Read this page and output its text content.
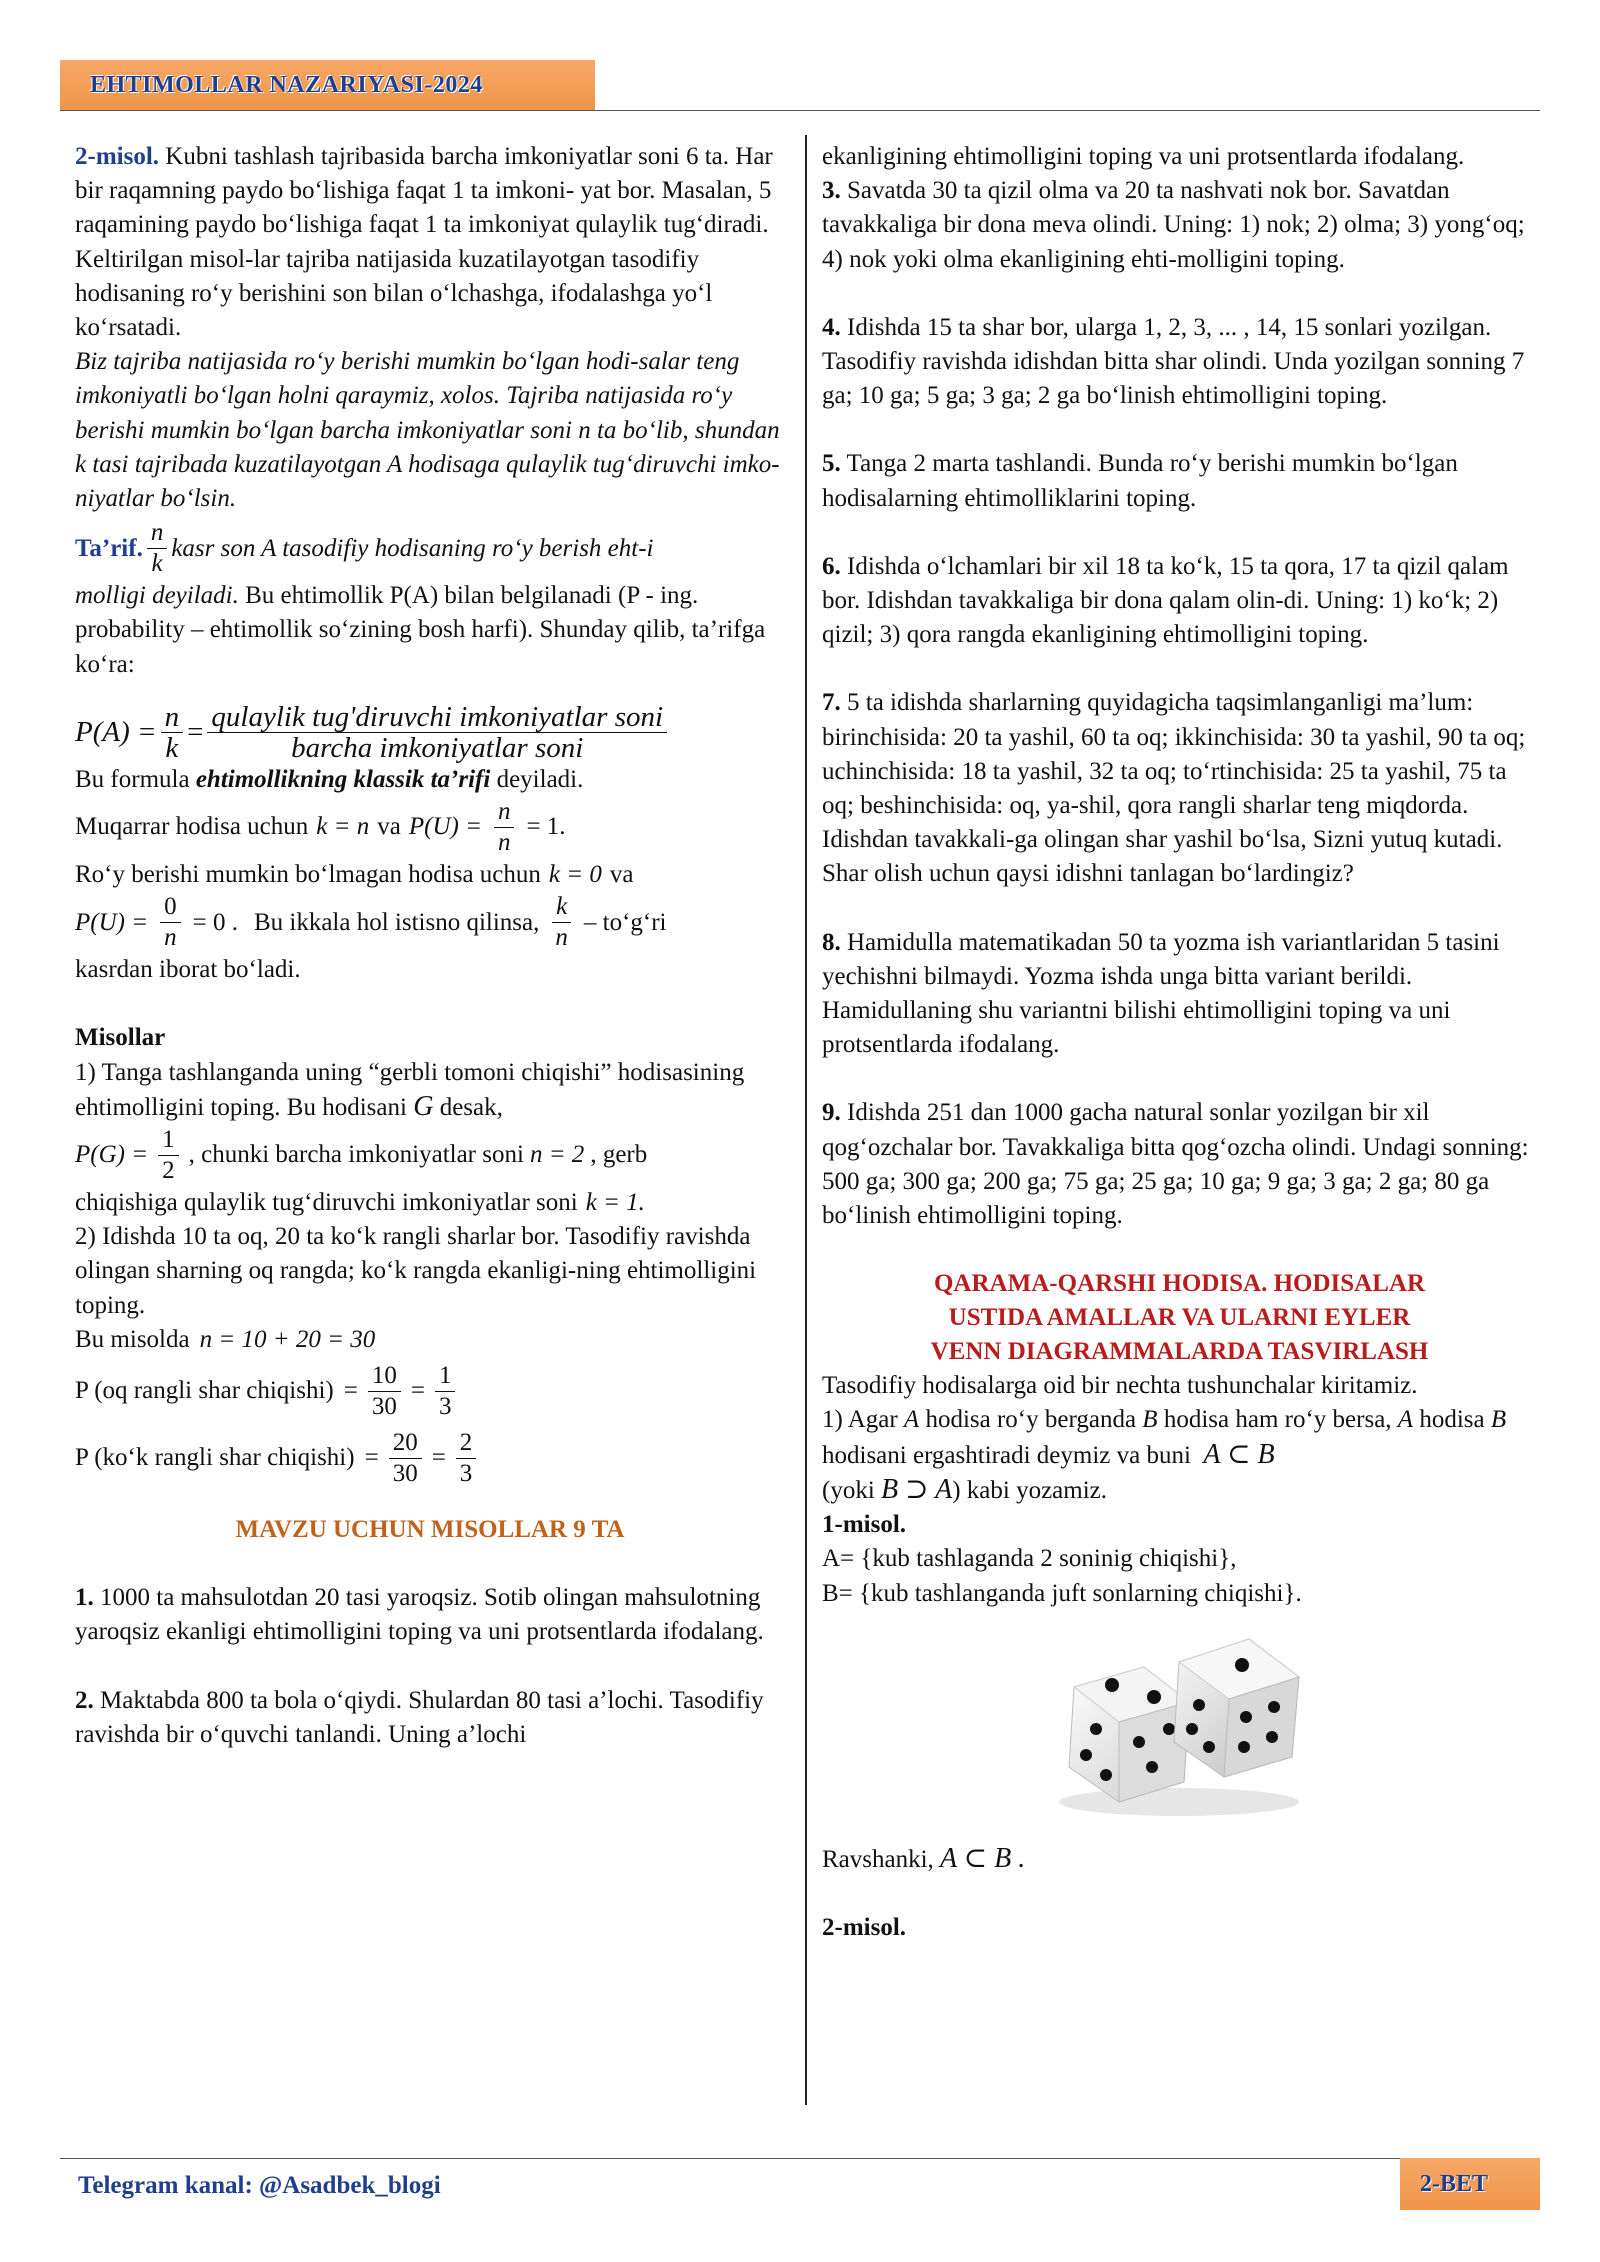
EHTIMOLLAR NAZARIYASI-2024

2-misol. Kubni tashlash tajribasida barcha imkoniyatlar soni 6 ta. Har bir raqamning paydo bo‘lishiga faqat 1 ta imkoni- yat bor. Masalan, 5 raqamining paydo bo‘lishiga faqat 1 ta imkoniyat qulaylik tug‘diradi. Keltirilgan misol-lar tajriba natijasida kuzatilayotgan tasodifiy hodisaning ro‘y berishini son bilan o‘lchashga, ifodalashga yo‘l ko‘rsatadi.

Biz tajriba natijasida ro‘y berishi mumkin bo‘lgan hodi-salar teng imkoniyatli bo‘lgan holni qaraymiz, xolos. Tajriba natijasida ro‘y berishi mumkin bo‘lgan barcha imkoniyatlar soni n ta bo‘lib, shundan k tasi tajribada kuzatilayotgan A hodisaga qulaylik tug‘diruvchi imko-niyatlar bo‘lsin.

Ta’rif. $\frac{n}{k}$ kasr son A tasodifiy hodisaning ro‘y berish eht-i

molligi deyiladi. Bu ehtimollik P(A) bilan belgilanadi (P - ing. probability – ehtimollik so‘zining bosh harfi). Shunday qilib, ta’rifga ko‘ra:

$P(A) = \frac{n}{k} = \frac{\text{qulaylik tug'diruvchi imkoniyatlar soni}}{\text{barcha imkoniyatlar soni}}$

Bu formula ehtimollikning klassik ta’rifi deyiladi.

Muqarrar hodisa uchun k = n va $P(U) = \frac{n}{n} = 1$.
Ro‘y berishi mumkin bo‘lmagan hodisa uchun k = 0 va
$P(U) = \frac{0}{n} = 0$ . Bu ikkala hol istisno qilinsa, $\frac{k}{n}$ – to‘g‘ri

kasrdan iborat bo‘ladi.

Misollar

1) Tanga tashlanganda uning “gerbli tomoni chiqishi” hodisasining ehtimolligini toping. Bu hodisani G desak,

$P(G) = \frac{1}{2}$ , chunki barcha imkoniyatlar soni n = 2 , gerb
chiqishiga qulaylik tug‘diruvchi imkoniyatlar soni k = 1.

2) Idishda 10 ta oq, 20 ta ko‘k rangli sharlar bor. Tasodifiy ravishda olingan sharning oq rangda; ko‘k rangda ekanligi-ning ehtimolligini toping.

Bu misolda n = 10 + 20 = 30
P (oq rangli shar chiqishi) = $\frac{10}{30} = \frac{1}{3}$
P (ko‘k rangli shar chiqishi) = $\frac{20}{30} = \frac{2}{3}$

MAVZU UCHUN MISOLLAR 9 TA

1. 1000 ta mahsulotdan 20 tasi yaroqsiz. Sotib olingan mahsulotning yaroqsiz ekanligi ehtimolligini toping va uni protsentlarda ifodalang.

2. Maktabda 800 ta bola o‘qiydi. Shulardan 80 tasi a’lochi. Tasodifiy ravishda bir o‘quvchi tanlandi. Uning a’lochi

ekanligining ehtimolligini toping va uni protsentlarda ifodalang.

3. Savatda 30 ta qizil olma va 20 ta nashvati nok bor. Savatdan tavakkaliga bir dona meva olindi. Uning: 1) nok; 2) olma; 3) yong‘oq; 4) nok yoki olma ekanligining ehti-molligini toping.

4. Idishda 15 ta shar bor, ularga 1, 2, 3, ... , 14, 15 sonlari yozilgan. Tasodifiy ravishda idishdan bitta shar olindi. Unda yozilgan sonning 7 ga; 10 ga; 5 ga; 3 ga; 2 ga bo‘linish ehtimolligini toping.

5. Tanga 2 marta tashlandi. Bunda ro‘y berishi mumkin bo‘lgan hodisalarning ehtimolliklarini toping.

6. Idishda o‘lchamlari bir xil 18 ta ko‘k, 15 ta qora, 17 ta qizil qalam bor. Idishdan tavakkaliga bir dona qalam olin-di. Uning: 1) ko‘k; 2) qizil; 3) qora rangda ekanligining ehtimolligini toping.

7. 5 ta idishda sharlarning quyidagicha taqsimlanganligi ma’lum: birinchisida: 20 ta yashil, 60 ta oq; ikkinchisida: 30 ta yashil, 90 ta oq; uchinchisida: 18 ta yashil, 32 ta oq; to‘rtinchisida: 25 ta yashil, 75 ta oq; beshinchisida: oq, ya-shil, qora rangli sharlar teng miqdorda. Idishdan tavakkali-ga olingan shar yashil bo‘lsa, Sizni yutuq kutadi. Shar olish uchun qaysi idishni tanlagan bo‘lardingiz?

8. Hamidulla matematikadan 50 ta yozma ish variantlaridan 5 tasini yechishni bilmaydi. Yozma ishda unga bitta variant berildi. Hamidullaning shu variantni bilishi ehtimolligini toping va uni protsentlarda ifodalang.

9. Idishda 251 dan 1000 gacha natural sonlar yozilgan bir xil qog‘ozchalar bor. Tavakkaliga bitta qog‘ozcha olindi. Undagi sonning: 500 ga; 300 ga; 200 ga; 75 ga; 25 ga; 10 ga; 9 ga; 3 ga; 2 ga; 80 ga bo‘linish ehtimolligini toping.

QARAMA-QARSHI HODISA. HODISALAR
USTIDA AMALLAR VA ULARNI EYLER
VENN DIAGRAMMALARDA TASVIRLASH

Tasodifiy hodisalarga oid bir nechta tushunchalar kiritamiz.

1) Agar A hodisa ro‘y berganda B hodisa ham ro‘y bersa, A hodisa B hodisani ergashtiradi deymiz va buni A ⊂ B
(yoki B ⊃ A) kabi yozamiz.

1-misol.

A= {kub tashlaganda 2 soninig chiqishi},

B= {kub tashlanganda juft sonlarning chiqishi}.

Ravshanki, A ⊂ B .

2-misol.

Telegram kanal: @Asadbek_blogi	2-BET
